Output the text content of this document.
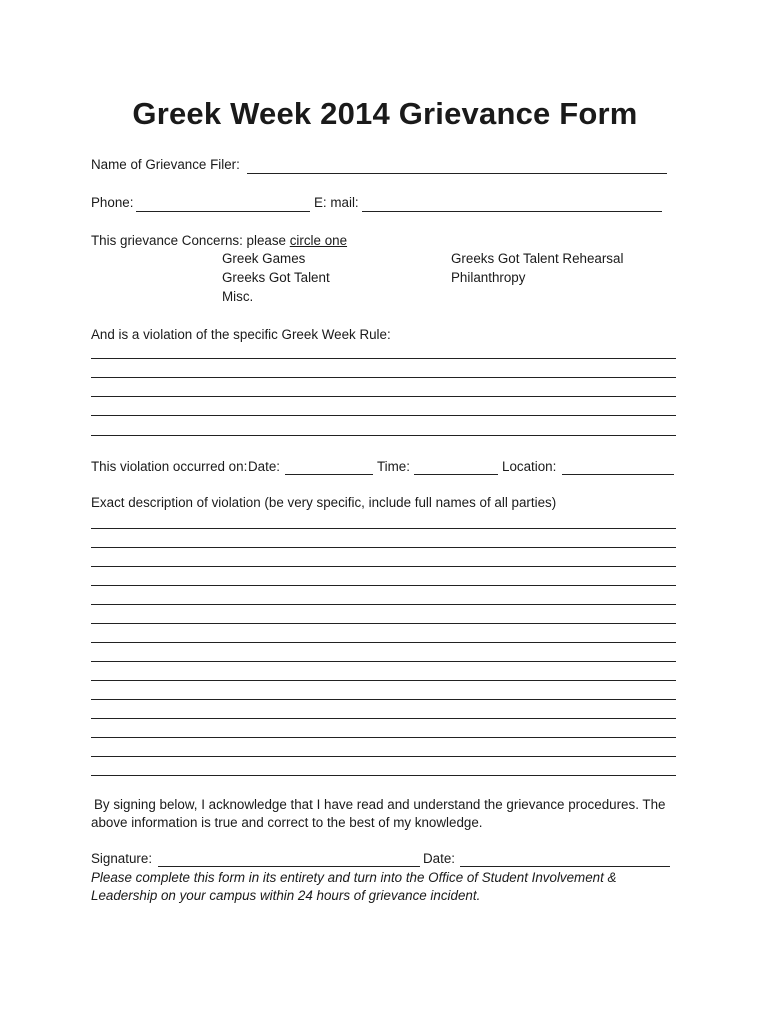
Greek Week 2014 Grievance Form
Name of Grievance Filer:
Phone:	E: mail:
This grievance Concerns: please circle one
Greek Games
Greeks Got Talent
Misc.
Greeks Got Talent Rehearsal
Philanthropy
And is a violation of the specific Greek Week Rule:
This violation occurred on: Date:	Time:	Location:
Exact description of violation (be very specific, include full names of all parties)
By signing below, I acknowledge that I have read and understand the grievance procedures. The above information is true and correct to the best of my knowledge.
Signature:	Date:
Please complete this form in its entirety and turn into the Office of Student Involvement & Leadership on your campus within 24 hours of grievance incident.
